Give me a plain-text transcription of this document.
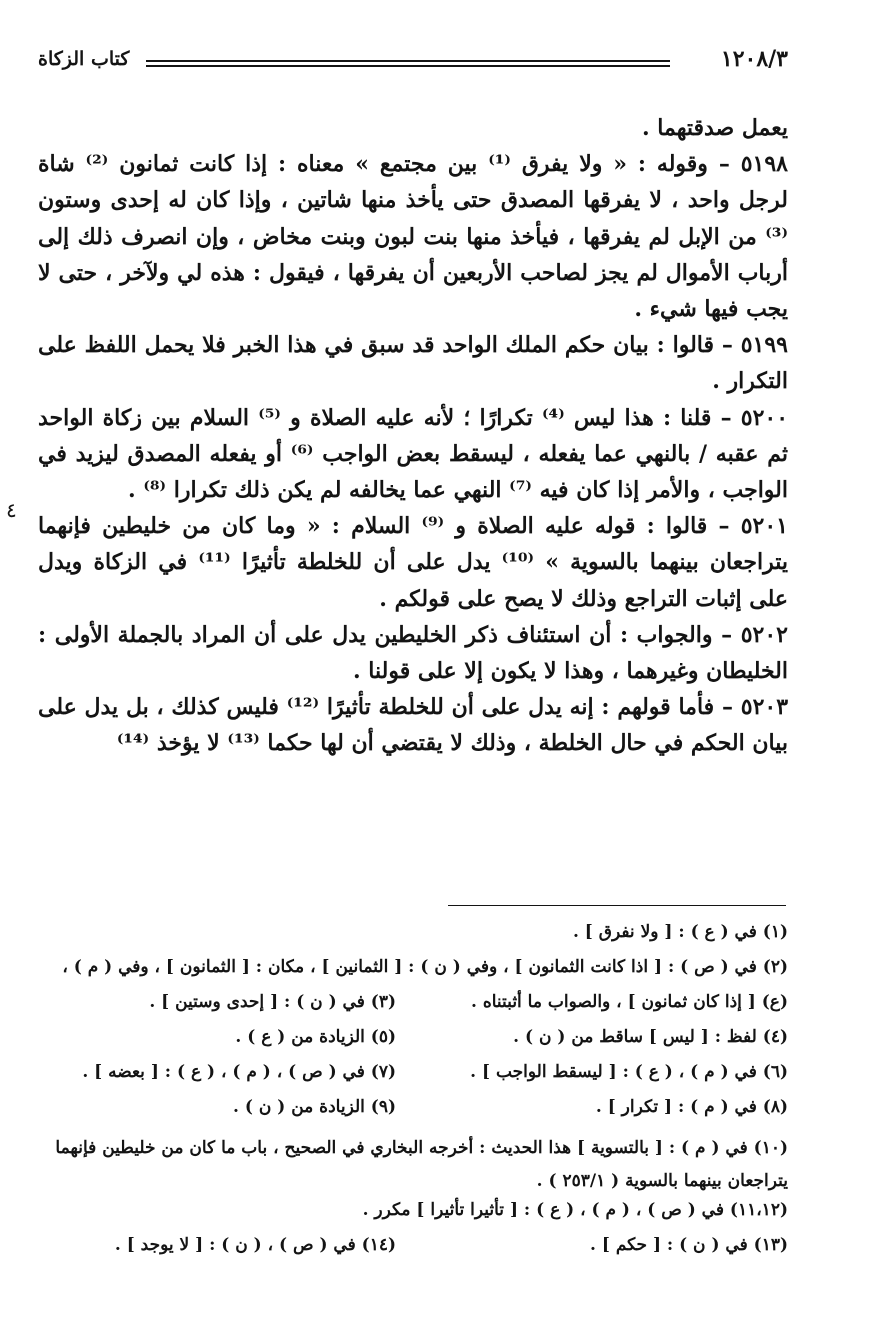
١٢٠٨/٣
كتاب الزكاة

يعمل صدقتهما .

٥١٩٨ – وقوله : « ولا يفرق ⁽¹⁾ بين مجتمع » معناه : إذا كانت ثمانون ⁽²⁾ شاة لرجل واحد ، لا يفرقها المصدق حتى يأخذ منها شاتين ، وإذا كان له إحدى وستون ⁽³⁾ من الإبل لم يفرقها ، فيأخذ منها بنت لبون وبنت مخاض ، وإن انصرف ذلك إلى أرباب الأموال لم يجز لصاحب الأربعين أن يفرقها ، فيقول : هذه لي ولآخر ، حتى لا يجب فيها شيء .

٥١٩٩ – قالوا : بيان حكم الملك الواحد قد سبق في هذا الخبر فلا يحمل اللفظ على التكرار .

٥٢٠٠ – قلنا : هذا ليس ⁽⁴⁾ تكرارًا ؛ لأنه عليه الصلاة و ⁽⁵⁾ السلام بين زكاة الواحد ثم عقبه / بالنهي عما يفعله ، ليسقط بعض الواجب ⁽⁶⁾ أو يفعله المصدق ليزيد في الواجب ، والأمر إذا كان فيه ⁽⁷⁾ النهي عما يخالفه لم يكن ذلك تكرارا ⁽⁸⁾ .

٥٢٠١ – قالوا : قوله عليه الصلاة و ⁽⁹⁾ السلام : « وما كان من خليطين فإنهما يتراجعان بينهما بالسوية » ⁽¹⁰⁾ يدل على أن للخلطة تأثيرًا ⁽¹¹⁾ في الزكاة ويدل على إثبات التراجع وذلك لا يصح على قولكم .

٥٢٠٢ – والجواب : أن استئناف ذكر الخليطين يدل على أن المراد بالجملة الأولى : الخليطان وغيرهما ، وهذا لا يكون إلا على قولنا .

٥٢٠٣ – فأما قولهم : إنه يدل على أن للخلطة تأثيرًا ⁽¹²⁾ فليس كذلك ، بل يدل على بيان الحكم في حال الخلطة ، وذلك لا يقتضي أن لها حكما ⁽¹³⁾ لا يؤخذ ⁽¹⁴⁾

٤
(١) في ( ع ) : [ ولا نفرق ] .
(٢) في ( ص ) : [ اذا كانت الثمانون ] ، وفي ( ن ) : [ الثمانين ] ، مكان : [ الثمانون ] ، وفي ( م ) ،
(ع) [ إذا كان ثمانون ] ، والصواب ما أثبتناه .
(٣) في ( ن ) : [ إحدى وستين ] .
(٤) لفظ : [ ليس ] ساقط من ( ن ) .
(٥) الزيادة من ( ع ) .
(٦) في ( م ) ، ( ع ) : [ ليسقط الواجب ] .
(٧) في ( ص ) ، ( م ) ، ( ع ) : [ بعضه ] .
(٨) في ( م ) : [ تكرار ] .
(٩) الزيادة من ( ن ) .
(١٠) في ( م ) : [ بالتسوية ] هذا الحديث : أخرجه البخاري في الصحيح ، باب ما كان من خليطين فإنهما
يتراجعان بينهما بالسوية ( ٢٥٣/١ ) .
(١١،١٢) في ( ص ) ، ( م ) ، ( ع ) : [ تأثيرا تأثيرا ] مكرر .
(١٣) في ( ن ) : [ حكم ] .
(١٤) في ( ص ) ، ( ن ) : [ لا يوجد ] .
